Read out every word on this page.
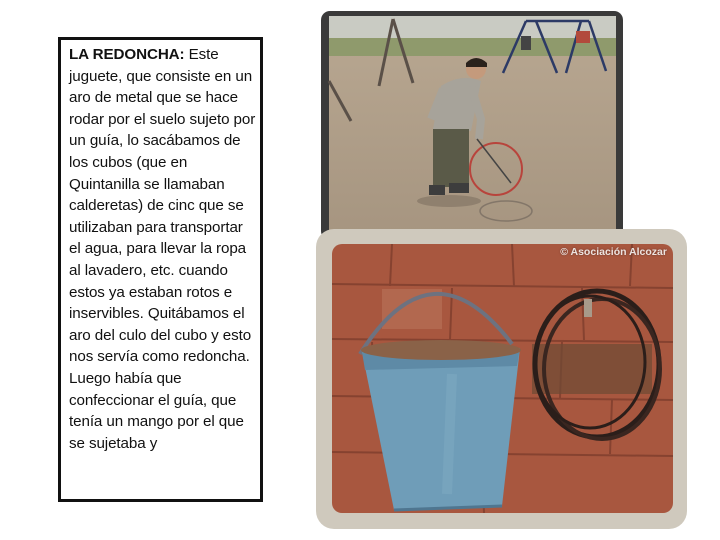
LA REDONCHA: Este juguete, que consiste en un aro de metal que se hace rodar por el suelo sujeto por un guía, lo sacábamos de los cubos (que en Quintanilla se llamaban calderetas) de cinc que se utilizaban para transportar el agua, para llevar la ropa al lavadero, etc. cuando estos ya estaban rotos e inservibles. Quitábamos el aro del culo del cubo y esto nos servía como redoncha.
Luego había que confeccionar el guía, que tenía un mango por el que se sujetaba y
© Asociación Alcozar
